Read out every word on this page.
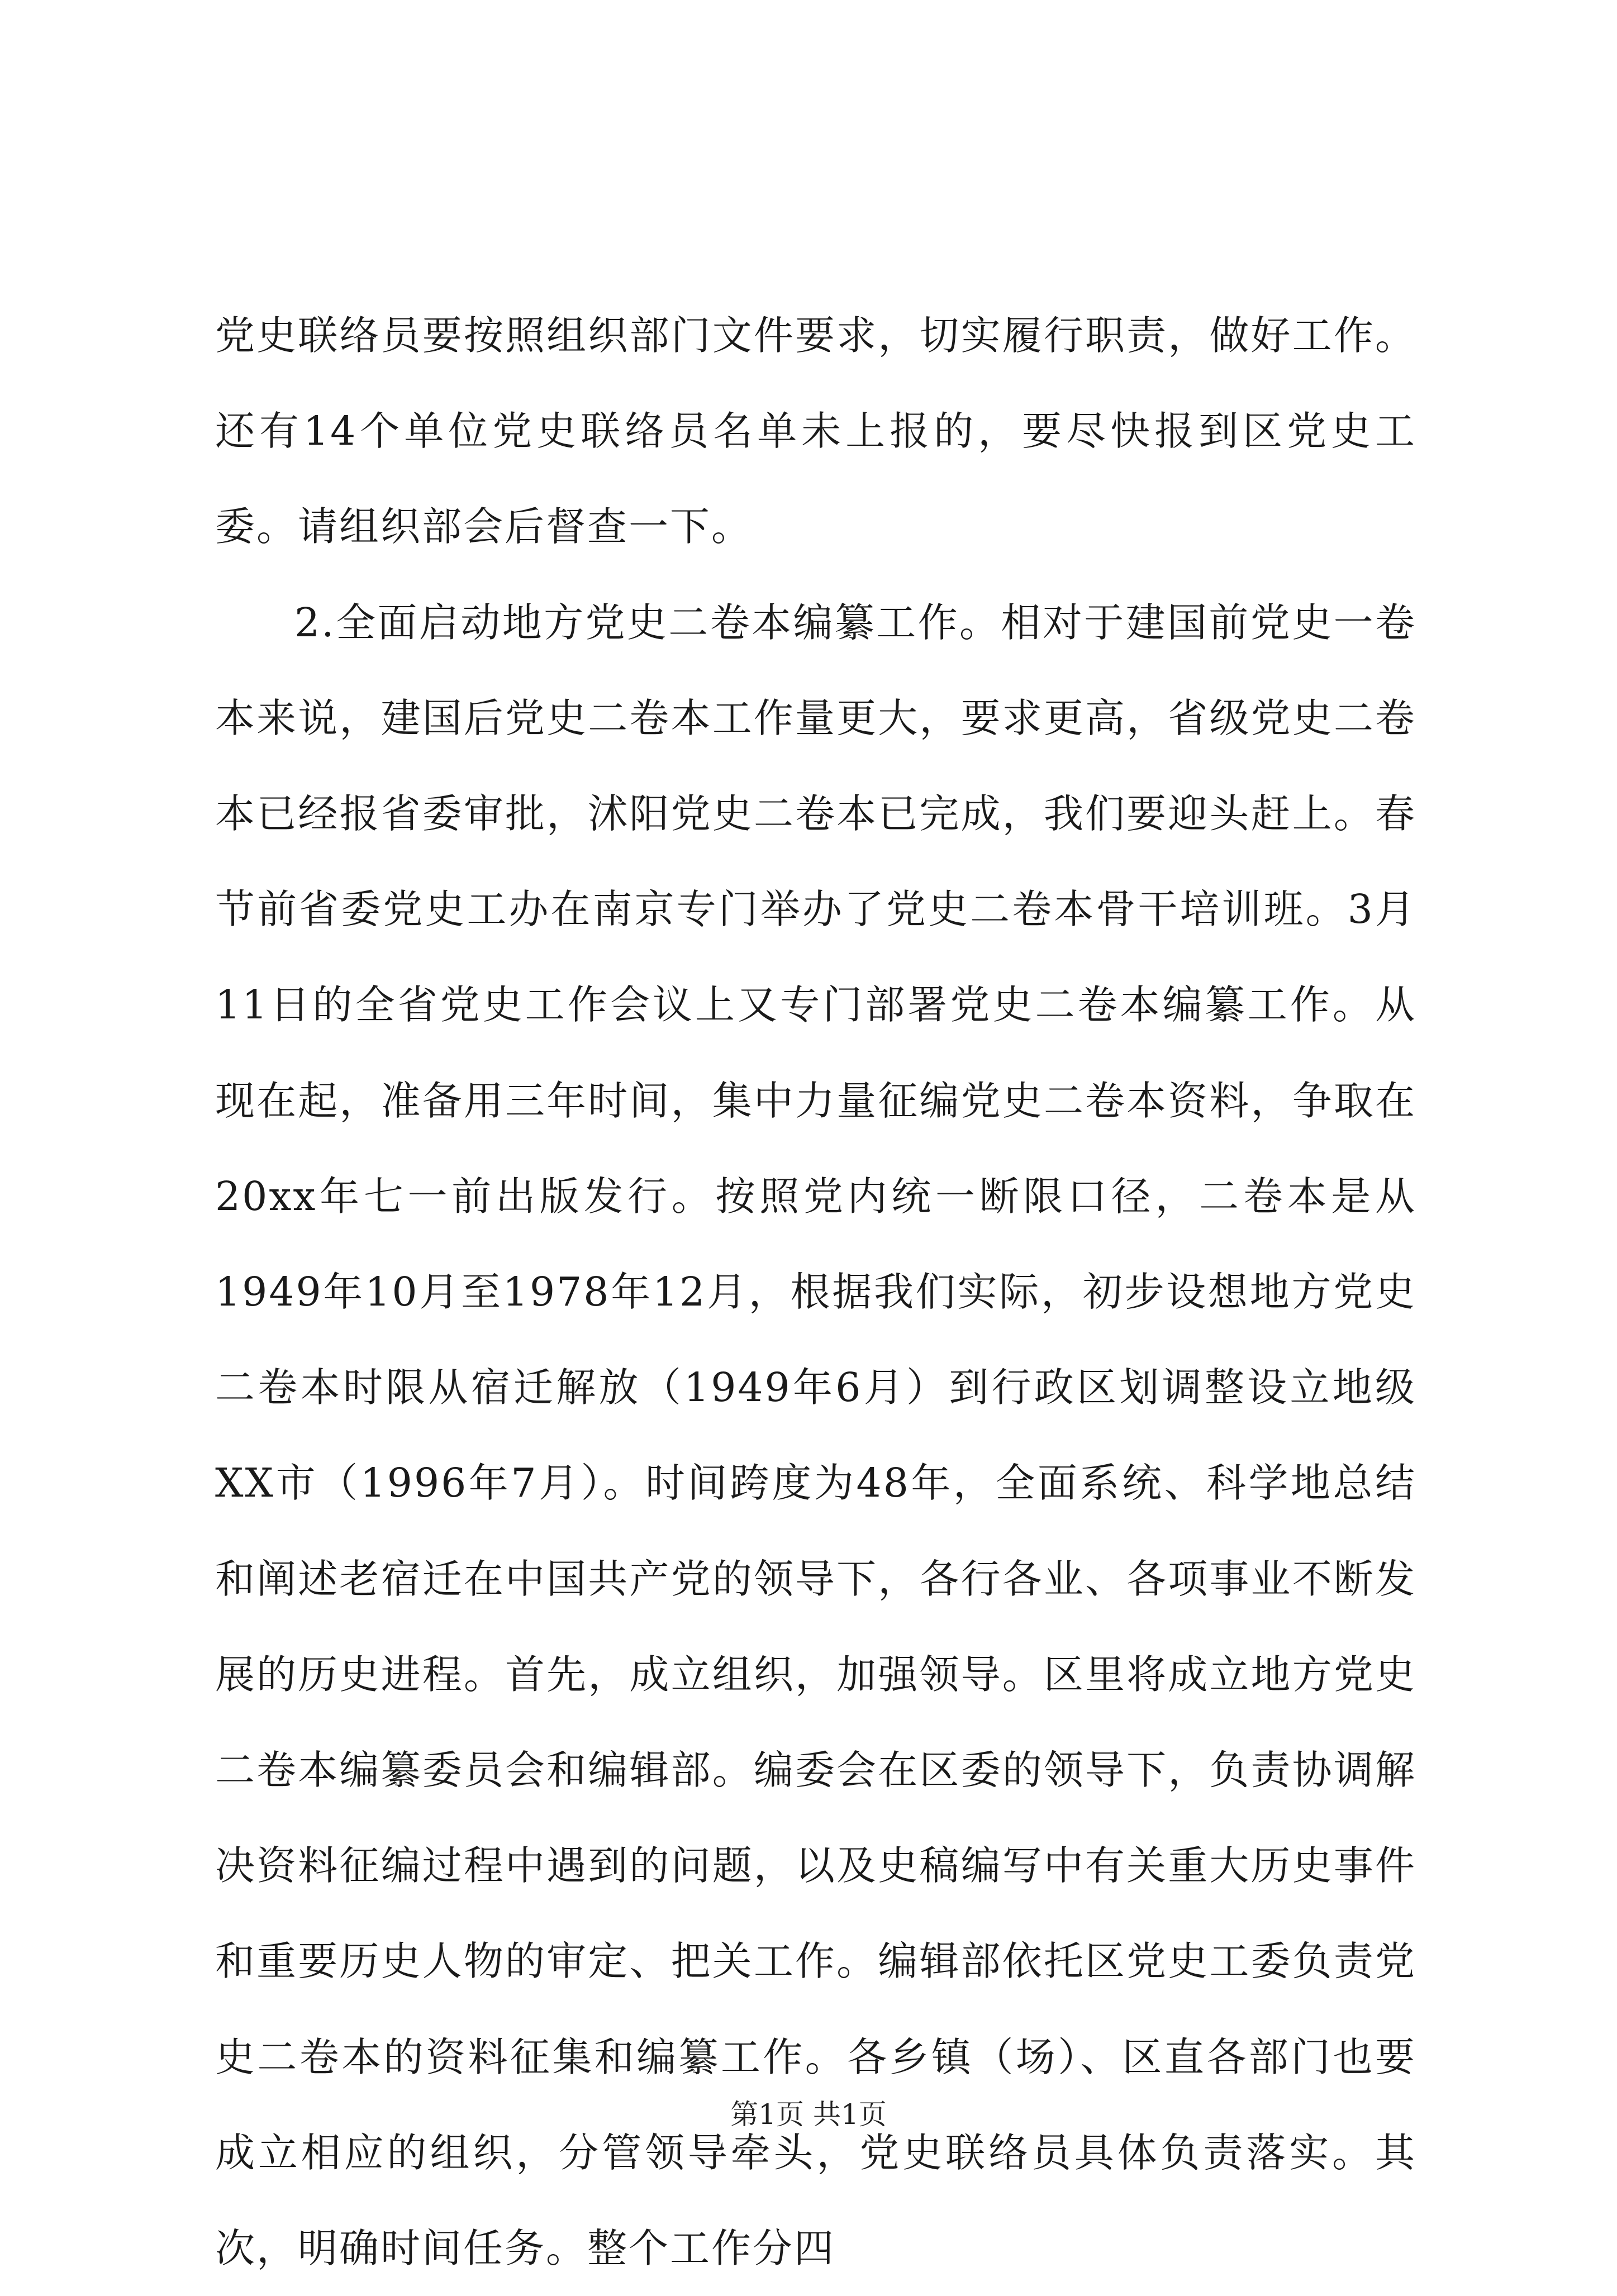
党史联络员要按照组织部门文件要求，切实履行职责，做好工作。还有14个单位党史联络员名单未上报的，要尽快报到区党史工委。请组织部会后督查一下。

2.全面启动地方党史二卷本编纂工作。相对于建国前党史一卷本来说，建国后党史二卷本工作量更大，要求更高，省级党史二卷本已经报省委审批，沭阳党史二卷本已完成，我们要迎头赶上。春节前省委党史工办在南京专门举办了党史二卷本骨干培训班。3月11日的全省党史工作会议上又专门部署党史二卷本编纂工作。从现在起，准备用三年时间，集中力量征编党史二卷本资料，争取在20xx年七一前出版发行。按照党内统一断限口径，二卷本是从1949年10月至1978年12月，根据我们实际，初步设想地方党史二卷本时限从宿迁解放（1949年6月）到行政区划调整设立地级XX市（1996年7月）。时间跨度为48年，全面系统、科学地总结和阐述老宿迁在中国共产党的领导下，各行各业、各项事业不断发展的历史进程。首先，成立组织，加强领导。区里将成立地方党史二卷本编纂委员会和编辑部。编委会在区委的领导下，负责协调解决资料征编过程中遇到的问题，以及史稿编写中有关重大历史事件和重要历史人物的审定、把关工作。编辑部依托区党史工委负责党史二卷本的资料征集和编纂工作。各乡镇（场）、区直各部门也要成立相应的组织，分管领导牵头，党史联络员具体负责落实。其次，明确时间任务。整个工作分四

第1页 共1页
